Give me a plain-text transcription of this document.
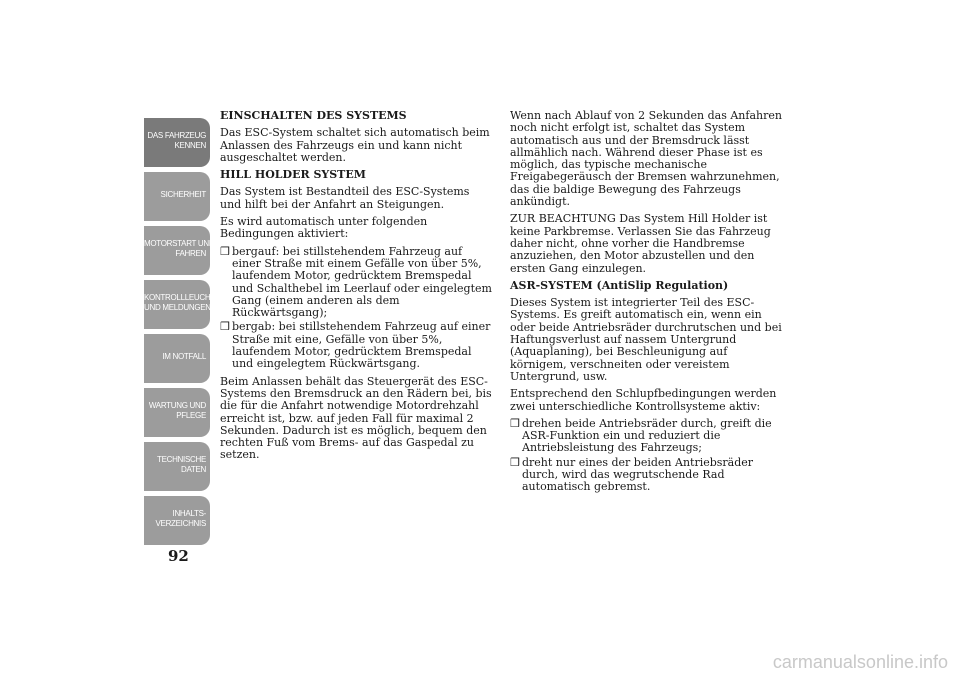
DAS FAHRZEUG
KENNEN
SICHERHEIT
MOTORSTART UND
FAHREN
KONTROLLLEUCHTEN
UND MELDUNGEN
IM NOTFALL
WARTUNG UND
PFLEGE
TECHNISCHE
DATEN
INHALTS-
VERZEICHNIS
92
EINSCHALTEN DES SYSTEMS

Das ESC-System schaltet sich automatisch beim Anlassen des Fahrzeugs ein und kann nicht ausgeschaltet werden.

HILL HOLDER SYSTEM

Das System ist Bestandteil des ESC-Systems und hilft bei der Anfahrt an Steigungen.

Es wird automatisch unter folgenden Bedingungen aktiviert:

❒ bergauf: bei stillstehendem Fahrzeug auf einer Straße mit einem Gefälle von über 5%, laufendem Motor, gedrücktem Bremspedal und Schalthebel im Leerlauf oder eingelegtem Gang (einem anderen als dem Rückwärtsgang);
❒ bergab: bei stillstehendem Fahrzeug auf einer Straße mit eine, Gefälle von über 5%, laufendem Motor, gedrücktem Bremspedal und eingelegtem Rückwärtsgang.

Beim Anlassen behält das Steuergerät des ESC-Systems den Bremsdruck an den Rädern bei, bis die für die Anfahrt notwendige Motordrehzahl erreicht ist, bzw. auf jeden Fall für maximal 2 Sekunden. Dadurch ist es möglich, bequem den rechten Fuß vom Brems- auf das Gaspedal zu setzen.

Wenn nach Ablauf von 2 Sekunden das Anfahren noch nicht erfolgt ist, schaltet das System automatisch aus und der Bremsdruck lässt allmählich nach. Während dieser Phase ist es möglich, das typische mechanische Freigabegeräusch der Bremsen wahrzunehmen, das die baldige Bewegung des Fahrzeugs ankündigt.

ZUR BEACHTUNG Das System Hill Holder ist keine Parkbremse. Verlassen Sie das Fahrzeug daher nicht, ohne vorher die Handbremse anzuziehen, den Motor abzustellen und den ersten Gang einzulegen.

ASR-SYSTEM (AntiSlip Regulation)

Dieses System ist integrierter Teil des ESC-Systems. Es greift automatisch ein, wenn ein oder beide Antriebsräder durchrutschen und bei Haftungsverlust auf nassem Untergrund (Aquaplaning), bei Beschleunigung auf körnigem, verschneiten oder vereistem Untergrund, usw.

Entsprechend den Schlupfbedingungen werden zwei unterschiedliche Kontrollsysteme aktiv:

❒ drehen beide Antriebsräder durch, greift die ASR-Funktion ein und reduziert die Antriebsleistung des Fahrzeugs;
❒ dreht nur eines der beiden Antriebsräder durch, wird das wegrutschende Rad automatisch gebremst.
carmanualsonline.info
